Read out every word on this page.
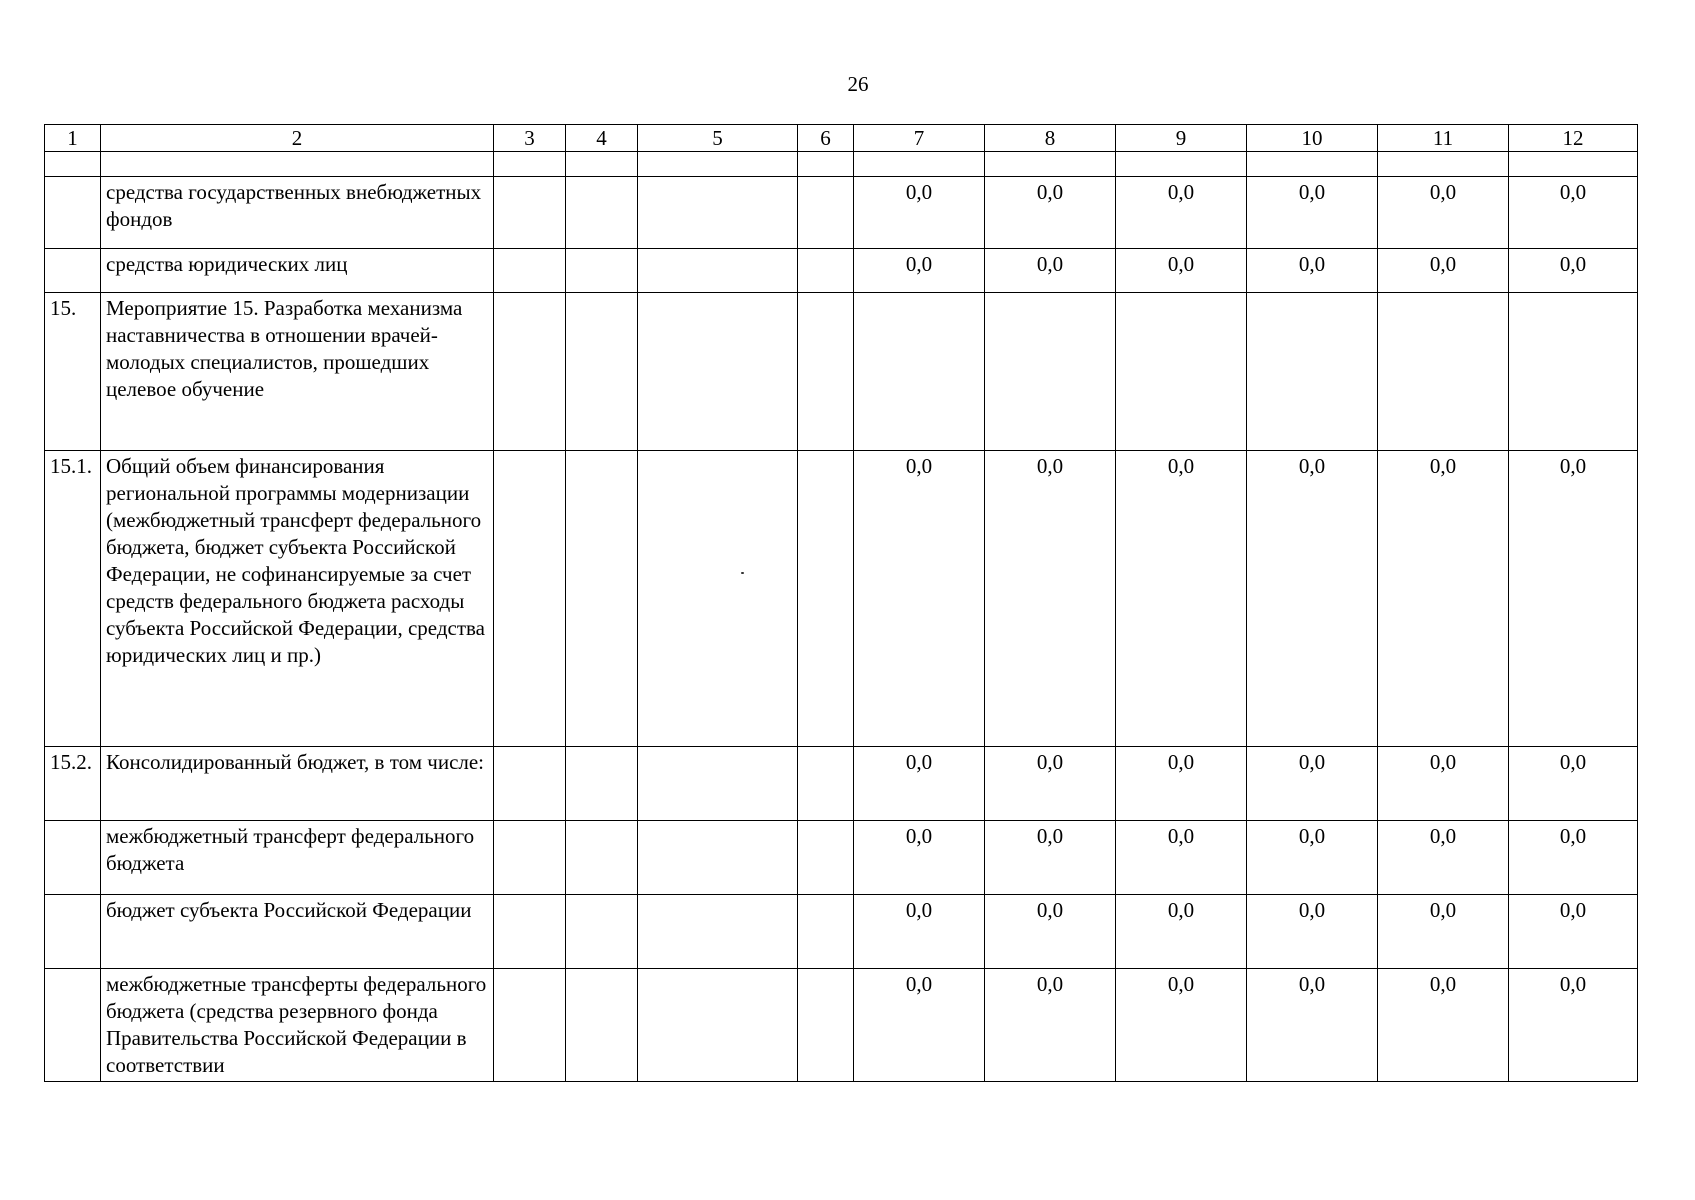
26
1	2	3	4	5	6	7	8	9	10	11	12

	средства государственных внебюджетных фондов					0,0	0,0	0,0	0,0	0,0	0,0
	средства юридических лиц					0,0	0,0	0,0	0,0	0,0	0,0
15.	Мероприятие 15. Разработка механизма наставничества в отношении врачей-молодых специалистов, прошедших целевое обучение										
15.1.	Общий объем финансирования региональной программы модернизации (межбюджетный трансферт федерального бюджета, бюджет субъекта Российской Федерации, не софинансируемые за счет средств федерального бюджета расходы субъекта Российской Федерации, средства юридических лиц и пр.)					0,0	0,0	0,0	0,0	0,0	0,0
15.2.	Консолидированный бюджет, в том числе:					0,0	0,0	0,0	0,0	0,0	0,0
	межбюджетный трансферт федерального бюджета					0,0	0,0	0,0	0,0	0,0	0,0
	бюджет субъекта Российской Федерации					0,0	0,0	0,0	0,0	0,0	0,0
	межбюджетные трансферты федерального бюджета (средства резервного фонда Правительства Российской Федерации в соответствии					0,0	0,0	0,0	0,0	0,0	0,0
